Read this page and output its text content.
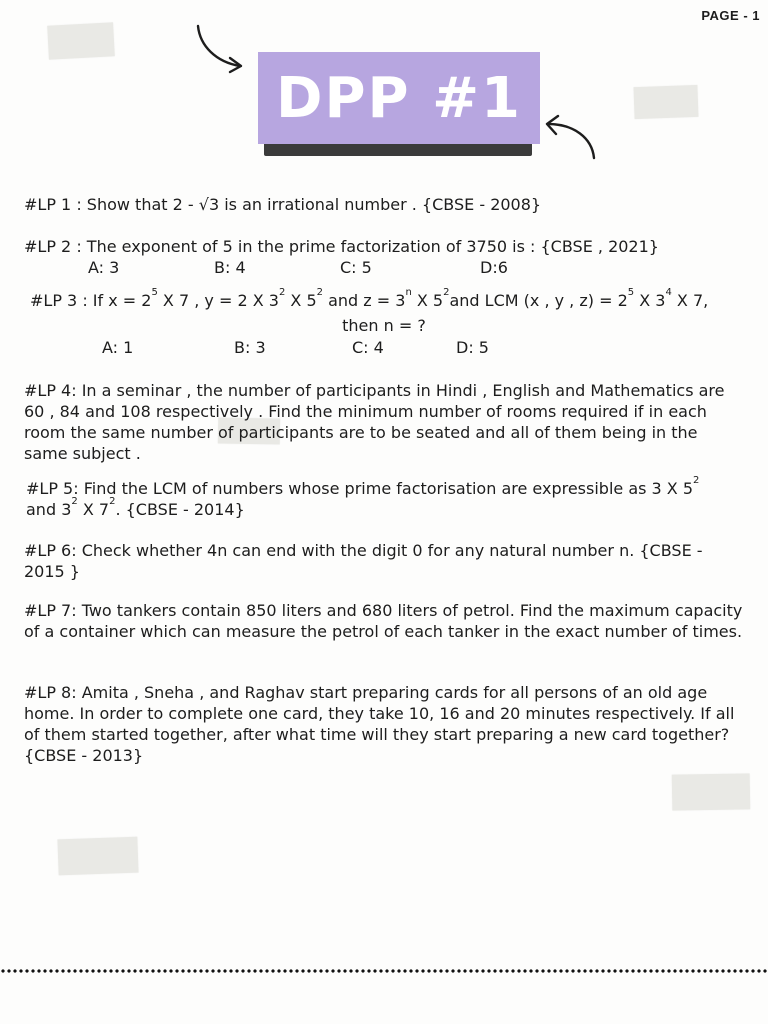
PAGE - 1
DPP #1
#LP 1 : Show that 2 - √3 is an irrational number . {CBSE - 2008}
#LP 2 : The exponent of 5 in the prime factorization of 3750 is : {CBSE , 2021}
A: 3	B: 4	C: 5	D:6
#LP 3 : If $x = 2^5$ X 7 , y = 2 X $3^2$ X $5^2$ and $z = 3^n$ X $5^2and$ LCM (x , y , $z) = 2^5$ X $3^4$ X 7,
then n = ?
A: 1	B: 3	C: 4	D: 5
#LP 4: In a seminar , the number of participants in Hindi , English and Mathematics are 60 , 84 and 108 respectively . Find the minimum number of rooms required if in each room the same number of participants are to be seated and all of them being in the same subject .
#LP 5: Find the LCM of numbers whose prime factorisation are expressible as 3 X $5^2$
and $3^2$ X $7^2$. {CBSE - 2014}
#LP 6: Check whether 4n can end with the digit 0 for any natural number n. {CBSE - 2015 }
#LP 7: Two tankers contain 850 liters and 680 liters of petrol. Find the maximum capacity of a container which can measure the petrol of each tanker in the exact number of times.
#LP 8: Amita , Sneha , and Raghav start preparing cards for all persons of an old age home. In order to complete one card, they take 10, 16 and 20 minutes respectively. If all of them started together, after what time will they start preparing a new card together? {CBSE - 2013}
